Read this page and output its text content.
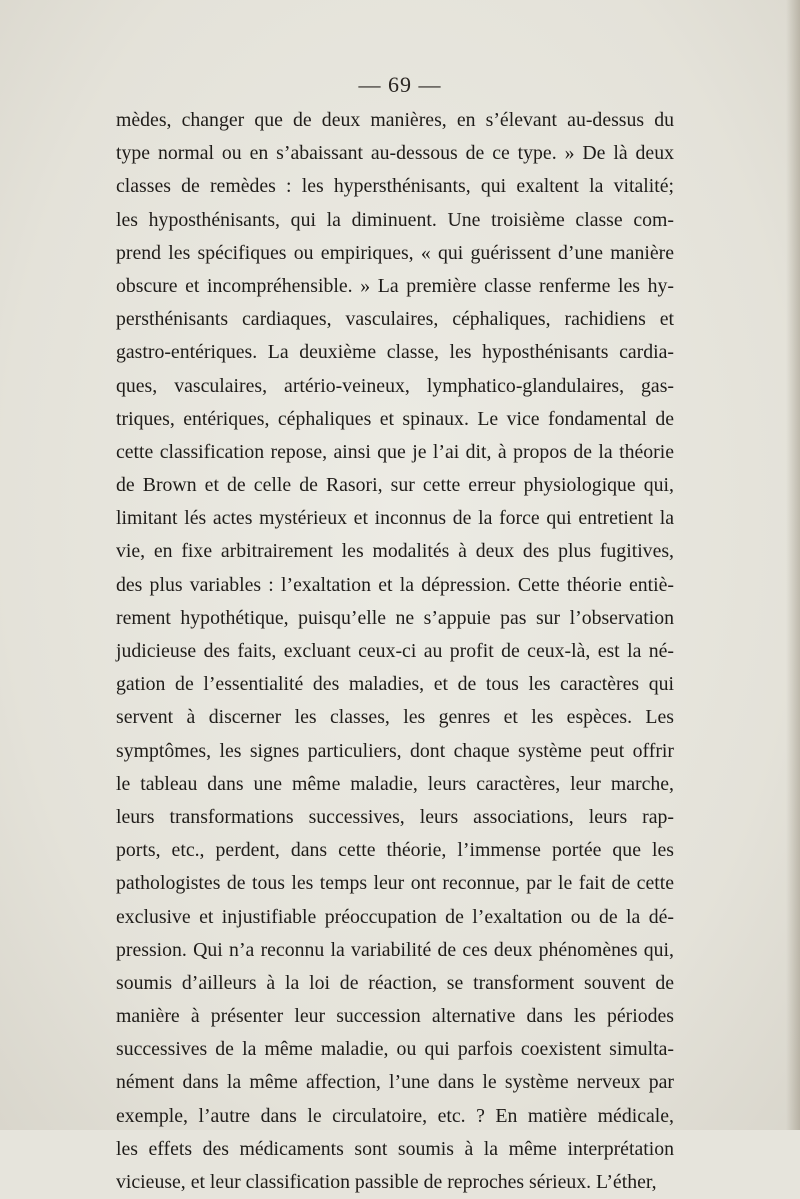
— 69 —
mèdes, changer que de deux manières, en s’élevant au-dessus du
type normal ou en s’abaissant au-dessous de ce type. » De là deux
classes de remèdes : les hypersthénisants, qui exaltent la vitalité;
les hyposthénisants, qui la diminuent. Une troisième classe com-
prend les spécifiques ou empiriques, « qui guérissent d’une manière
obscure et incompréhensible. » La première classe renferme les hy-
persthénisants cardiaques, vasculaires, céphaliques, rachidiens et
gastro-entériques. La deuxième classe, les hyposthénisants cardia-
ques, vasculaires, artério-veineux, lymphatico-glandulaires, gas-
triques, entériques, céphaliques et spinaux. Le vice fondamental de
cette classification repose, ainsi que je l’ai dit, à propos de la théorie
de Brown et de celle de Rasori, sur cette erreur physiologique qui,
limitant lés actes mystérieux et inconnus de la force qui entretient la
vie, en fixe arbitrairement les modalités à deux des plus fugitives,
des plus variables : l’exaltation et la dépression. Cette théorie entiè-
rement hypothétique, puisqu’elle ne s’appuie pas sur l’observation
judicieuse des faits, excluant ceux-ci au profit de ceux-là, est la né-
gation de l’essentialité des maladies, et de tous les caractères qui
servent à discerner les classes, les genres et les espèces. Les
symptômes, les signes particuliers, dont chaque système peut offrir
le tableau dans une même maladie, leurs caractères, leur marche,
leurs transformations successives, leurs associations, leurs rap-
ports, etc., perdent, dans cette théorie, l’immense portée que les
pathologistes de tous les temps leur ont reconnue, par le fait de cette
exclusive et injustifiable préoccupation de l’exaltation ou de la dé-
pression. Qui n’a reconnu la variabilité de ces deux phénomènes qui,
soumis d’ailleurs à la loi de réaction, se transforment souvent de
manière à présenter leur succession alternative dans les périodes
successives de la même maladie, ou qui parfois coexistent simulta-
nément dans la même affection, l’une dans le système nerveux par
exemple, l’autre dans le circulatoire, etc. ? En matière médicale,
les effets des médicaments sont soumis à la même interprétation
vicieuse, et leur classification passible de reproches sérieux. L’éther,
